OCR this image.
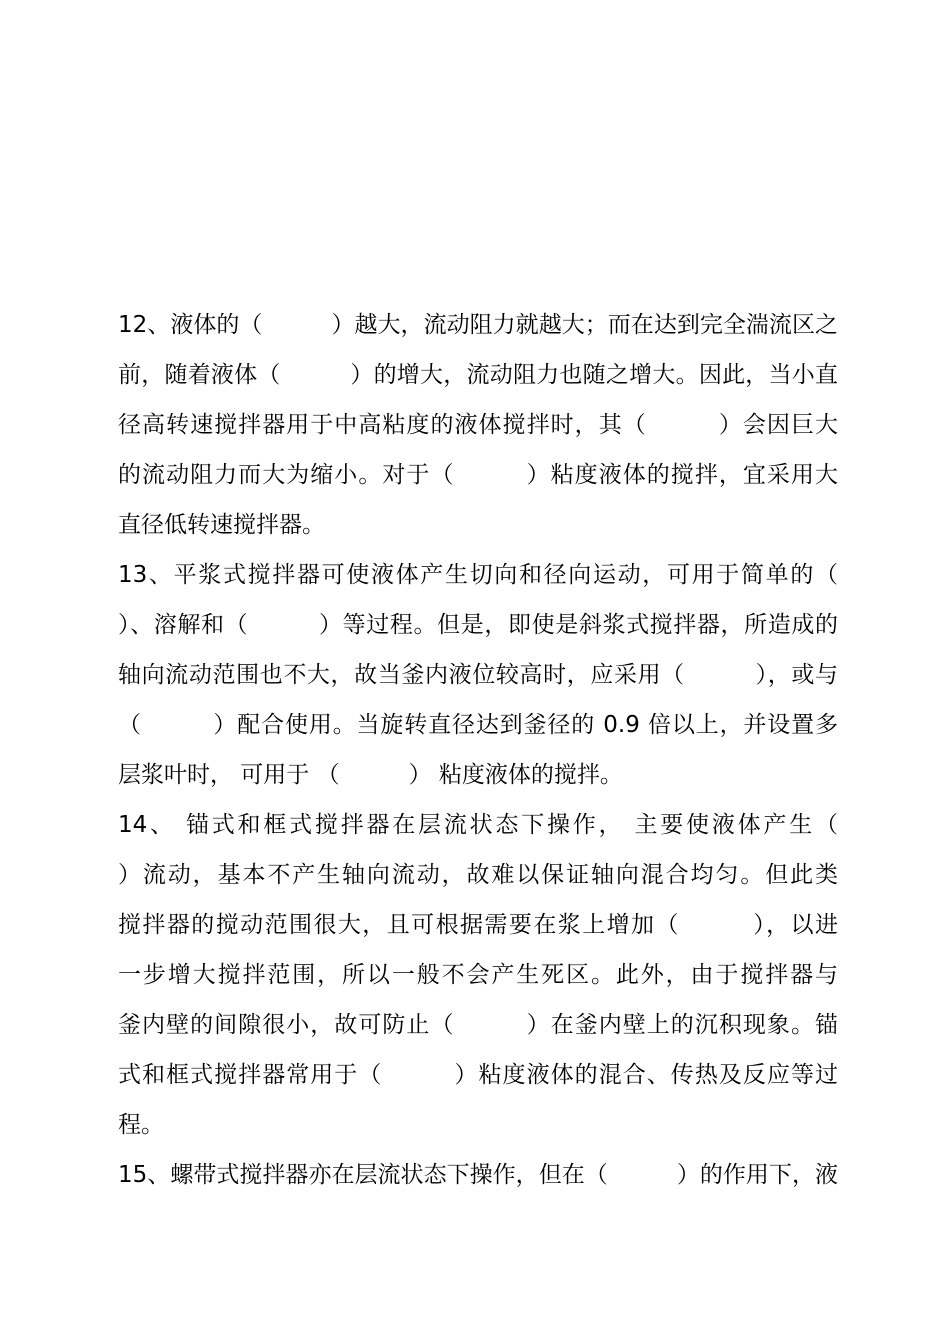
12、液体的（　　　）越大，流动阻力就越大；而在达到完全湍流区之
前，随着液体（　　　）的增大，流动阻力也随之增大。因此，当小直
径高转速搅拌器用于中高粘度的液体搅拌时，其（　　　）会因巨大
的流动阻力而大为缩小。对于（　　　）粘度液体的搅拌，宜采用大
直径低转速搅拌器。
13、平浆式搅拌器可使液体产生切向和径向运动，可用于简单的（
）、溶解和（　　　）等过程。但是，即使是斜浆式搅拌器，所造成的
轴向流动范围也不大，故当釜内液位较高时，应采用（　　　），或与
（　　　）配合使用。当旋转直径达到釜径的 0.9 倍以上，并设置多
层浆叶时， 可用于 （　　　） 粘度液体的搅拌。
14、 锚式和框式搅拌器在层流状态下操作， 主要使液体产生（
）流动，基本不产生轴向流动，故难以保证轴向混合均匀。但此类
搅拌器的搅动范围很大，且可根据需要在浆上增加（　　　），以进
一步增大搅拌范围，所以一般不会产生死区。此外，由于搅拌器与
釜内壁的间隙很小，故可防止（　　　）在釜内壁上的沉积现象。锚
式和框式搅拌器常用于（　　　）粘度液体的混合、传热及反应等过
程。
15、螺带式搅拌器亦在层流状态下操作，但在（　　　）的作用下，液
